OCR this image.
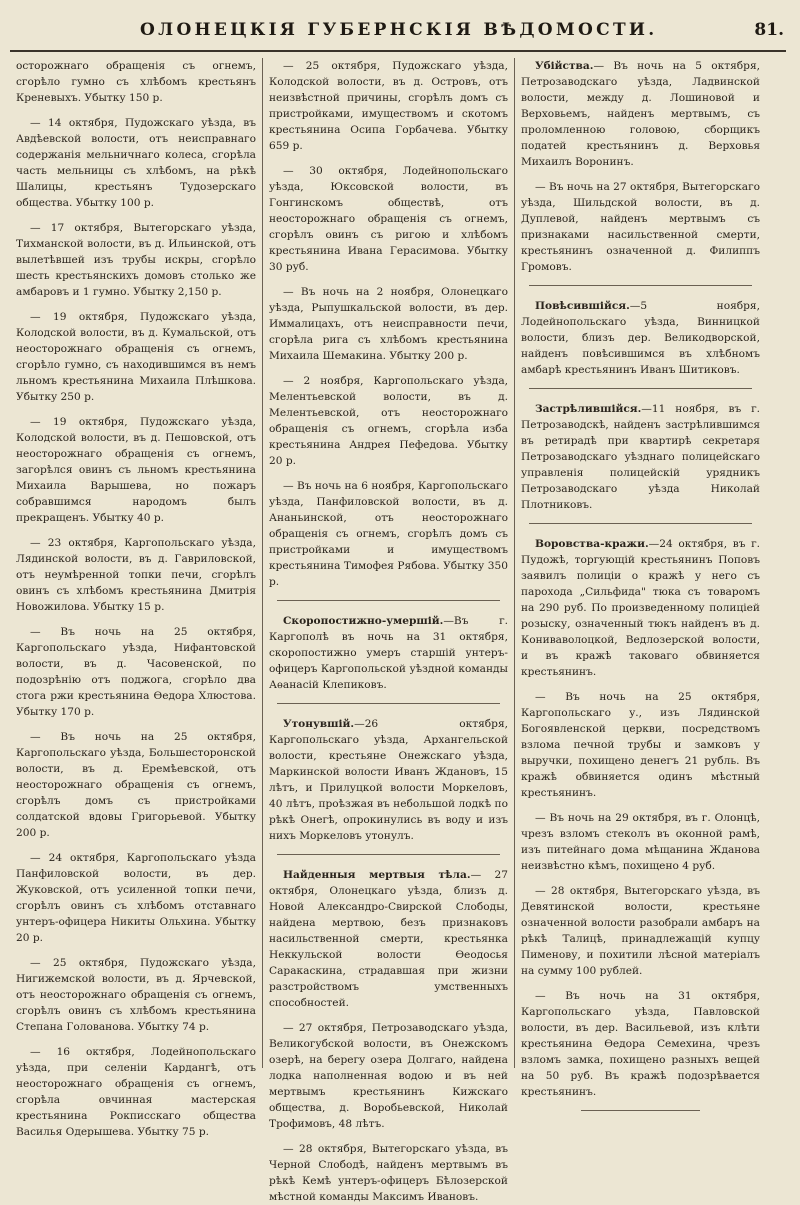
ОЛОНЕЦКІЯ ГУБЕРНСКІЯ ВѢДОМОСТИ.	81.

осторожнаго обращенія съ огнемъ, сгорѣло гумно съ хлѣбомъ крестьянъ Креневыхъ. Убытку 150 р.

— 14 октября, Пудожскаго уѣзда, въ Авдѣевской волости, отъ неисправнаго содержанія мельничнаго колеса, сгорѣла часть мельницы съ хлѣбомъ, на рѣкѣ Шалицы, крестьянъ Тудозерскаго общества. Убытку 100 р.

— 17 октября, Вытегорскаго уѣзда, Тихманской волости, въ д. Ильинской, отъ вылетѣвшей изъ трубы искры, сгорѣло шесть крестьянскихъ домовъ столько же амбаровъ и 1 гумно. Убытку 2,150 р.

— 19 октября, Пудожскаго уѣзда, Колодской волости, въ д. Кумальской, отъ неосторожнаго обращенія съ огнемъ, сгорѣло гумно, съ находившимся въ немъ льномъ крестьянина Михаила Плѣшкова. Убытку 250 р.

— 19 октября, Пудожскаго уѣзда, Колодской волости, въ д. Пешовской, отъ неосторожнаго обращенія съ огнемъ, загорѣлся овинъ съ льномъ крестьянина Михаила Варышева, но пожаръ собравшимся народомъ былъ прекращенъ. Убытку 40 р.

— 23 октября, Каргопольскаго уѣзда, Лядинской волости, въ д. Гавриловской, отъ неумѣренной топки печи, сгорѣлъ овинъ съ хлѣбомъ крестьянина Дмитрія Новожилова. Убытку 15 р.

— Въ ночь на 25 октября, Каргопольскаго уѣзда, Нифантовской волости, въ д. Часовенской, по подозрѣнію отъ поджога, сгорѣло два стога ржи крестьянина Ѳедора Хлюстова. Убытку 170 р.

— Въ ночь на 25 октября, Каргопольскаго уѣзда, Большесторонской волости, въ д. Еремѣевской, отъ неосторожнаго обращенія съ огнемъ, сгорѣлъ домъ съ пристройками солдатской вдовы Григорьевой. Убытку 200 р.

— 24 октября, Каргопольскаго уѣзда Панфиловской волости, въ дер. Жуковской, отъ усиленной топки печи, сгорѣлъ овинъ съ хлѣбомъ отставнаго унтеръ-офицера Никиты Ольхина. Убытку 20 р.

— 25 октября, Пудожскаго уѣзда, Нигижемской волости, въ д. Ярчевской, отъ неосторожнаго обращенія съ огнемъ, сгорѣлъ овинъ съ хлѣбомъ крестьянина Степана Голованова. Убытку 74 р.

— 16 октября, Лодейнопольскаго уѣзда, при селеніи Кардангѣ, отъ неосторожнаго обращенія съ огнемъ, сгорѣла овчинная мастерская крестьянина Рокписскаго общества Василья Одерышева. Убытку 75 р.

— 25 октября, Пудожскаго уѣзда, Колодской волости, въ д. Островъ, отъ неизвѣстной причины, сгорѣлъ домъ съ пристройками, имуществомъ и скотомъ крестьянина Осипа Горбачева. Убытку 659 р.

— 30 октября, Лодейнопольскаго уѣзда, Юксовской волости, въ Гонгинскомъ обществѣ, отъ неосторожнаго обращенія съ огнемъ, сгорѣлъ овинъ съ ригою и хлѣбомъ крестьянина Ивана Герасимова. Убытку 30 руб.

— Въ ночь на 2 ноября, Олонецкаго уѣзда, Рыпушкальской волости, въ дер. Иммалицахъ, отъ неисправности печи, сгорѣла рига съ хлѣбомъ крестьянина Михаила Шемакина. Убытку 200 р.

— 2 ноября, Каргопольскаго уѣзда, Мелентьевской волости, въ д. Мелентьевской, отъ неосторожнаго обращенія съ огнемъ, сгорѣла изба крестьянина Андрея Пефедова. Убытку 20 р.

— Въ ночь на 6 ноября, Каргопольскаго уѣзда, Панфиловской волости, въ д. Ананьинской, отъ неосторожнаго обращенія съ огнемъ, сгорѣлъ домъ съ пристройками и имуществомъ крестьянина Тимофея Рябова. Убытку 350 р.

Скоропостижно-умершій.—Въ г. Каргополѣ въ ночь на 31 октября, скоропостижно умеръ старшій унтеръ-офицеръ Каргопольской уѣздной команды Аѳанасій Клепиковъ.

Утонувшій.—26 октября, Каргопольскаго уѣзда, Архангельской волости, крестьяне Онежскаго уѣзда, Маркинской волости Иванъ Ждановъ, 15 лѣтъ, и Прилуцкой волости Моркеловъ, 40 лѣтъ, проѣзжая въ небольшой лодкѣ по рѣкѣ Онегѣ, опрокинулись въ воду и изъ нихъ Моркеловъ утонулъ.

Найденныя мертвыя тѣла.— 27 октября, Олонецкаго уѣзда, близъ д. Новой Александро-Свирской Слободы, найдена мертвою, безъ признаковъ насильственной смерти, крестьянка Неккульской волости Ѳеодосья Саракаскина, страдавшая при жизни разстройствомъ умственныхъ способностей.

— 27 октября, Петрозаводскаго уѣзда, Великогубской волости, въ Онежскомъ озерѣ, на берегу озера Долгаго, найдена лодка наполненная водою и въ ней мертвымъ крестьянинъ Кижскаго общества, д. Воробьевской, Николай Трофимовъ, 48 лѣтъ.

— 28 октября, Вытегорскаго уѣзда, въ Черной Слободѣ, найденъ мертвымъ въ рѣкѣ Кемѣ унтеръ-офицеръ Бѣлозерской мѣстной команды Максимъ Ивановъ.

Убійства.— Въ ночь на 5 октября, Петрозаводскаго уѣзда, Ладвинской волости, между д. Лошиновой и Верховьемъ, найденъ мертвымъ, съ проломленною головою, сборщикъ податей крестьянинъ д. Верховья Михаилъ Воронинъ.

— Въ ночь на 27 октября, Вытегорскаго уѣзда, Шильдской волости, въ д. Дуплевой, найденъ мертвымъ съ признаками насильственной смерти, крестьянинъ означенной д. Филиппъ Громовъ.

Повѣсившійся.—5 ноября, Лодейнопольскаго уѣзда, Винницкой волости, близъ дер. Великодворской, найденъ повѣсившимся въ хлѣбномъ амбарѣ крестьянинъ Иванъ Шитиковъ.

Застрѣлившійся.—11 ноября, въ г. Петрозаводскѣ, найденъ застрѣлившимся въ ретирадѣ при квартирѣ секретаря Петрозаводскаго уѣзднаго полицейскаго управленія полицейскій урядникъ Петрозаводскаго уѣзда Николай Плотниковъ.

Воровства-кражи.—24 октября, въ г. Пудожѣ, торгующій крестьянинъ Поповъ заявилъ полиціи о кражѣ у него съ парохода „Сильфида" тюка съ товаромъ на 290 руб. По произведенному полиціей розыску, означенный тюкъ найденъ въ д. Кониваволоцкой, Ведлозерской волости, и въ кражѣ таковаго обвиняется крестьянинъ.

— Въ ночь на 25 октября, Каргопольскаго у., изъ Лядинской Богоявленской церкви, посредствомъ взлома печной трубы и замковъ у выручки, похищено денегъ 21 рубль. Въ кражѣ обвиняется одинъ мѣстный крестьянинъ.

— Въ ночь на 29 октября, въ г. Олонцѣ, чрезъ взломъ стеколъ въ оконной рамѣ, изъ питейнаго дома мѣщанина Жданова неизвѣстно кѣмъ, похищено 4 руб.

— 28 октября, Вытегорскаго уѣзда, въ Девятинской волости, крестьяне означенной волости разобрали амбаръ на рѣкѣ Талицѣ, принадлежащій купцу Пименову, и похитили лѣсной матеріалъ на сумму 100 рублей.

— Въ ночь на 31 октября, Каргопольскаго уѣзда, Павловской волости, въ дер. Васильевой, изъ клѣти крестьянина Ѳедора Семехина, чрезъ взломъ замка, похищено разныхъ вещей на 50 руб. Въ кражѣ подозрѣвается крестьянинъ.
